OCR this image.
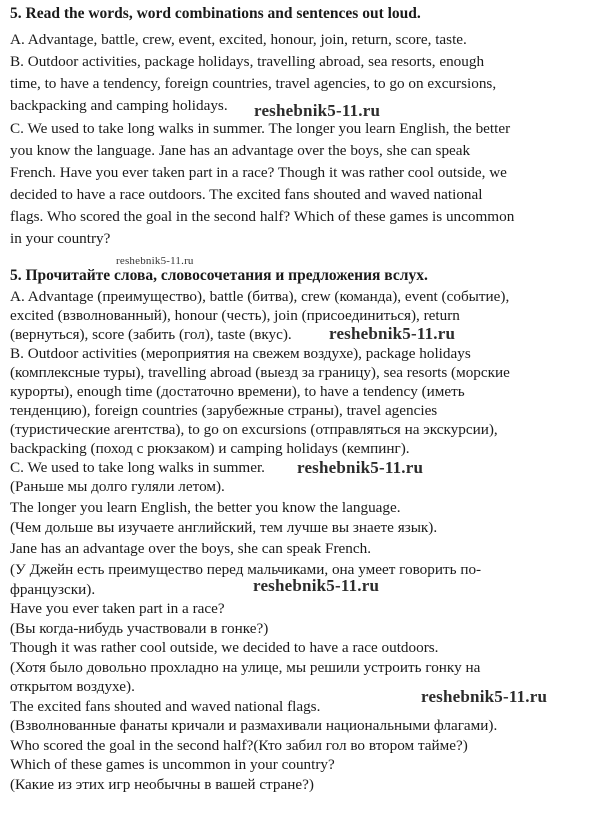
5. Read the words, word combinations and sentences out loud.
A. Advantage, battle, crew, event, excited, honour, join, return, score, taste.
B. Outdoor activities, package holidays, travelling abroad, sea resorts, enough
time, to have a tendency, foreign countries, travel agencies, to go on excursions,
backpacking and camping holidays. reshebnik5-11.ru
C. We used to take long walks in summer. The longer you learn English, the better
you know the language. Jane has an advantage over the boys, she can speak
French. Have you ever taken part in a race? Though it was rather cool outside, we
decided to have a race outdoors. The excited fans shouted and waved national
flags. Who scored the goal in the second half? Which of these games is uncommon
in your country?
reshebnik5-11.ru
5. Прочитайте слова, словосочетания и предложения вслух.
A. Advantage (преимущество), battle (битва), crew (команда), event (событие),
excited (взволнованный), honour (честь), join (присоединиться), return
(вернуться), score (забить (гол), taste (вкус). reshebnik5-11.ru
B. Outdoor activities (мероприятия на свежем воздухе), package holidays
(комплексные туры), travelling abroad (выезд за границу), sea resorts (морские
курорты), enough time (достаточно времени), to have a tendency (иметь
тенденцию), foreign countries (зарубежные страны), travel agencies
(туристические агентства), to go on excursions (отправляться на экскурсии),
backpacking (поход с рюкзаком) и camping holidays (кемпинг).
C. We used to take long walks in summer. reshebnik5-11.ru
(Раньше мы долго гуляли летом).
The longer you learn English, the better you know the language.
(Чем дольше вы изучаете английский, тем лучше вы знаете язык).
Jane has an advantage over the boys, she can speak French.
(У Джейн есть преимущество перед мальчиками, она умеет говорить по-
французски).	reshebnik5-11.ru
Have you ever taken part in a race?
(Вы когда-нибудь участвовали в гонке?)
Though it was rather cool outside, we decided to have a race outdoors.
(Хотя было довольно прохладно на улице, мы решили устроить гонку на
открытом воздухе).
The excited fans shouted and waved national flags.
reshebnik5-11.ru
(Взволнованные фанаты кричали и размахивали национальными флагами).
Who scored the goal in the second half?(Кто забил гол во втором тайме?)
Which of these games is uncommon in your country?
(Какие из этих игр необычны в вашей стране?)
